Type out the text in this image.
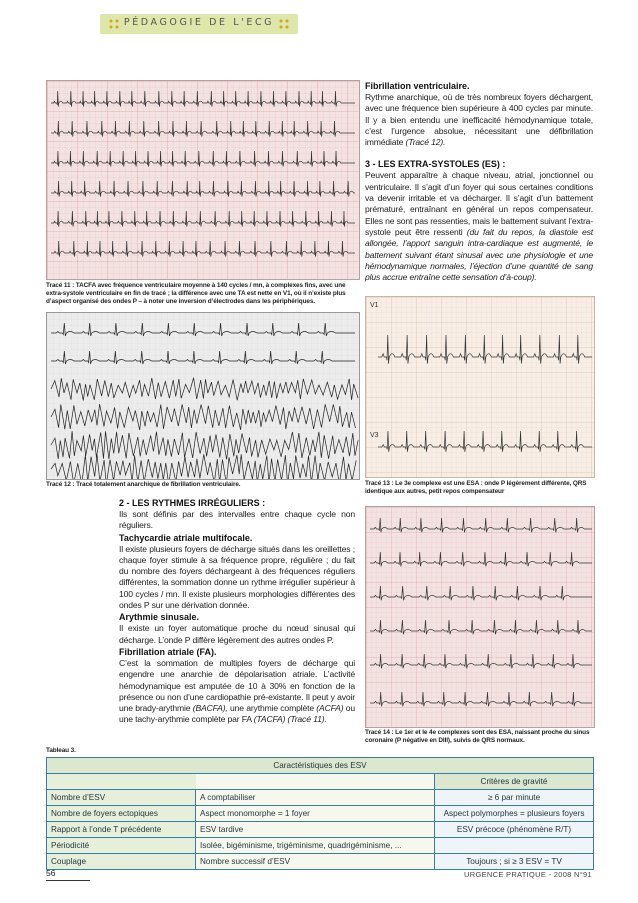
PÉDAGOGIE DE L'ECG
Tracé 11 : TACFA avec fréquence ventriculaire moyenne à 140 cycles / mn, à complexes fins, avec une extra-systole ventriculaire en fin de tracé ; la différence avec une TA est nette en V1, où il n’existe plus d’aspect organisé des ondes P – à noter une inversion d’électrodes dans les périphériques.
Tracé 12 : Tracé totalement anarchique de fibrillation ventriculaire.
Fibrillation ventriculaire.
Rythme anarchique, où de très nombreux foyers déchargent, avec une fréquence bien supérieure à 400 cycles par minute. Il y a bien entendu une inefficacité hémodynamique totale, c’est l’urgence absolue, nécessitant une défibrillation immédiate (Tracé 12).
3 - LES EXTRA-SYSTOLES (ES) :
Peuvent apparaître à chaque niveau, atrial, jonctionnel ou ventriculaire. Il s’agit d’un foyer qui sous certaines conditions va devenir irritable et va décharger. Il s’agit d’un battement prématuré, entraînant en général un repos compensateur. Elles ne sont pas ressenties, mais le battement suivant l’extra-systole peut être ressenti (du fait du repos, la diastole est allongée, l’apport sanguin intra-cardiaque est augmenté, le battement suivant étant sinusal avec une physiologie et une hémodynamique normales, l’éjection d’une quantité de sang plus accrue entraîne cette sensation d’à-coup).
V1
V3
Tracé 13 : Le 3e complexe est une ESA : onde P légèrement différente, QRS identique aux autres, petit repos compensateur
Tracé 14 : Le 1er et le 4e complexes sont des ESA, naissant proche du sinus coronaire (P négative en DIII), suivis de QRS normaux.
2 - LES RYTHMES IRRÉGULIERS :
Ils sont définis par des intervalles entre chaque cycle non réguliers.
Tachycardie atriale multifocale.
Il existe plusieurs foyers de décharge situés dans les oreillettes ; chaque foyer stimule à sa fréquence propre, régulière ; du fait du nombre des foyers déchargeant à des fréquences réguliers différentes, la sommation donne un rythme irrégulier supérieur à 100 cycles / mn. Il existe plusieurs morphologies différentes des ondes P sur une dérivation donnée.
Arythmie sinusale.
Il existe un foyer automatique proche du nœud sinusal qui décharge. L’onde P diffère légèrement des autres ondes P.
Fibrillation atriale (FA).
C’est la sommation de multiples foyers de décharge qui engendre une anarchie de dépolarisation atriale. L’activité hémodynamique est amputée de 10 à 30% en fonction de la présence ou non d’une cardiopathie pré-existante. Il peut y avoir une brady-arythmie (BACFA), une arythmie complète (ACFA) ou une tachy-arythmie complète par FA (TACFA) (Tracé 11).
Tableau 3.
Caractéristiques des ESV		
		Critères de gravité
Nombre d’ESV	A comptabiliser	≥ 6 par minute
Nombre de foyers ectopiques	Aspect monomorphe = 1 foyer	Aspect polymorphes = plusieurs foyers
Rapport à l’onde T précédente	ESV tardive	ESV précoce (phénomène R/T)
Périodicité	Isolée, bigéminisme, trigéminisme, quadrigéminisme, ...	
Couplage	Nombre successif d’ESV	Toujours ; si ≥ 3 ESV = TV
56	URGENCE PRATIQUE - 2008 N°91
